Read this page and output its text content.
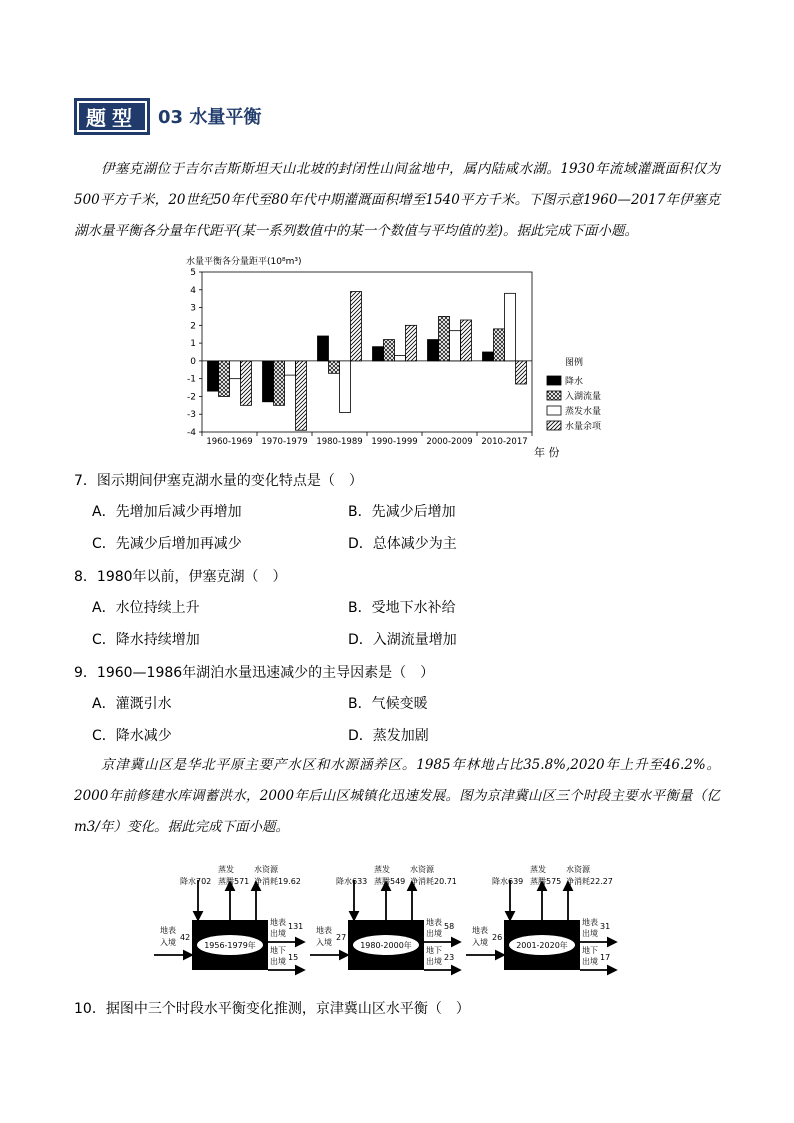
题型	03 水量平衡
伊塞克湖位于吉尔吉斯斯坦天山北坡的封闭性山间盆地中，属内陆咸水湖。1930年流域灌溉面积仅为500平方千米，20世纪50年代至80年代中期灌溉面积增至1540平方千米。下图示意1960—2017年伊塞克湖水量平衡各分量年代距平(某一系列数值中的某一个数值与平均值的差)。据此完成下面小题。
水量平衡各分量距平(10⁸m³)
5
4
3
2
1
0
-1
-2
-3
-4
1960-1969 1970-1979 1980-1989 1990-1999 2000-2009 2010-2017
年 份
图例
降水
入湖流量
蒸发水量
水量余项
7．图示期间伊塞克湖水量的变化特点是（　）
A．先增加后减少再增加	B．先减少后增加
C．先减少后增加再减少	D．总体减少为主
8．1980年以前，伊塞克湖（　）
A．水位持续上升	B．受地下水补给
C．降水持续增加	D．入湖流量增加
9．1960—1986年湖泊水量迅速减少的主导因素是（　）
A．灌溉引水	B．气候变暖
C．降水减少	D．蒸发加剧
京津冀山区是华北平原主要产水区和水源涵养区。1985年林地占比35.8%,2020年上升至46.2%。2000年前修建水库调蓄洪水，2000年后山区城镇化迅速发展。图为京津冀山区三个时段主要水平衡量（亿m3/年）变化。据此完成下面小题。
1956-1979年
降水702
蒸发
蒸腾571
水资源
净消耗19.62
地表
入境
42
地表
出境
131
地下
出境 15
1980-2000年
降水633
蒸发
蒸腾549
水资源
净消耗20.71
地表
入境
27
地表
出境
58
地下
出境 23
2001-2020年
降水639
蒸发
蒸腾575
水资源
净消耗22.27
地表
入境
26
地表
出境
31
地下
出境 17
10．据图中三个时段水平衡变化推测，京津冀山区水平衡（　）
